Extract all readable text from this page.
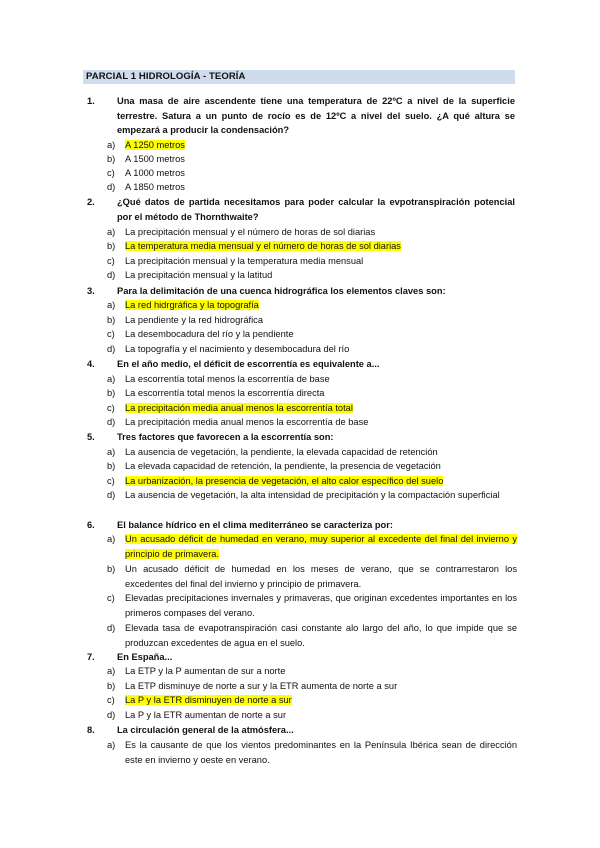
PARCIAL 1 HIDROLOGÍA - TEORÍA
1. Una masa de aire ascendente tiene una temperatura de 22ºC a nivel de la superficie terrestre. Satura a un punto de rocío es de 12ºC a nivel del suelo. ¿A qué altura se empezará a producir la condensación?
a) A 1250 metros
b) A 1500 metros
c) A 1000 metros
d) A 1850 metros
2. ¿Qué datos de partida necesitamos para poder calcular la evpotranspiración potencial por el método de Thornthwaite?
a) La precipitación mensual y el número de horas de sol diarias
b) La temperatura media mensual y el número de horas de sol diarias
c) La precipitación mensual y la temperatura media mensual
d) La precipitación mensual y la latitud
3. Para la delimitación de una cuenca hidrográfica los elementos claves son:
a) La red hidrgráfica y la topografía
b) La pendiente y la red hidrográfica
c) La desembocadura del río y la pendiente
d) La topografía y el nacimiento y desembocadura del río
4. En el año medio, el déficit de escorrentía es equivalente a...
a) La escorrentía total menos la escorrentía de base
b) La escorrentía total menos la escorrentía directa
c) La precipitación media anual menos la escorrentía total
d) La precipitación media anual menos la escorrentía de base
5. Tres factores que favorecen a la escorrentía son:
a) La ausencia de vegetación, la pendiente, la elevada capacidad de retención
b) La elevada capacidad de retención, la pendiente, la presencia de vegetación
c) La urbanización, la presencia de vegetación, el alto calor específico del suelo
d) La ausencia de vegetación, la alta intensidad de precipitación y la compactación superficial
6. El balance hídrico en el clima mediterráneo se caracteriza por:
a) Un acusado déficit de humedad en verano, muy superior al excedente del final del invierno y principio de primavera.
b) Un acusado déficit de humedad en los meses de verano, que se contrarrestaron los excedentes del final del invierno y principio de primavera.
c) Elevadas precipitaciones invernales y primaveras, que originan excedentes importantes en los primeros compases del verano.
d) Elevada tasa de evapotranspiración casi constante alo largo del año, lo que impide que se produzcan excedentes de agua en el suelo.
7. En España...
a) La ETP y la P aumentan de sur a norte
b) La ETP disminuye de norte a sur y la ETR aumenta de norte a sur
c) La P y la ETR disminuyen de norte a sur
d) La P y la ETR aumentan de norte a sur
8. La circulación general de la atmósfera...
a) Es la causante de que los vientos predominantes en la Península Ibérica sean de dirección este en invierno y oeste en verano.
